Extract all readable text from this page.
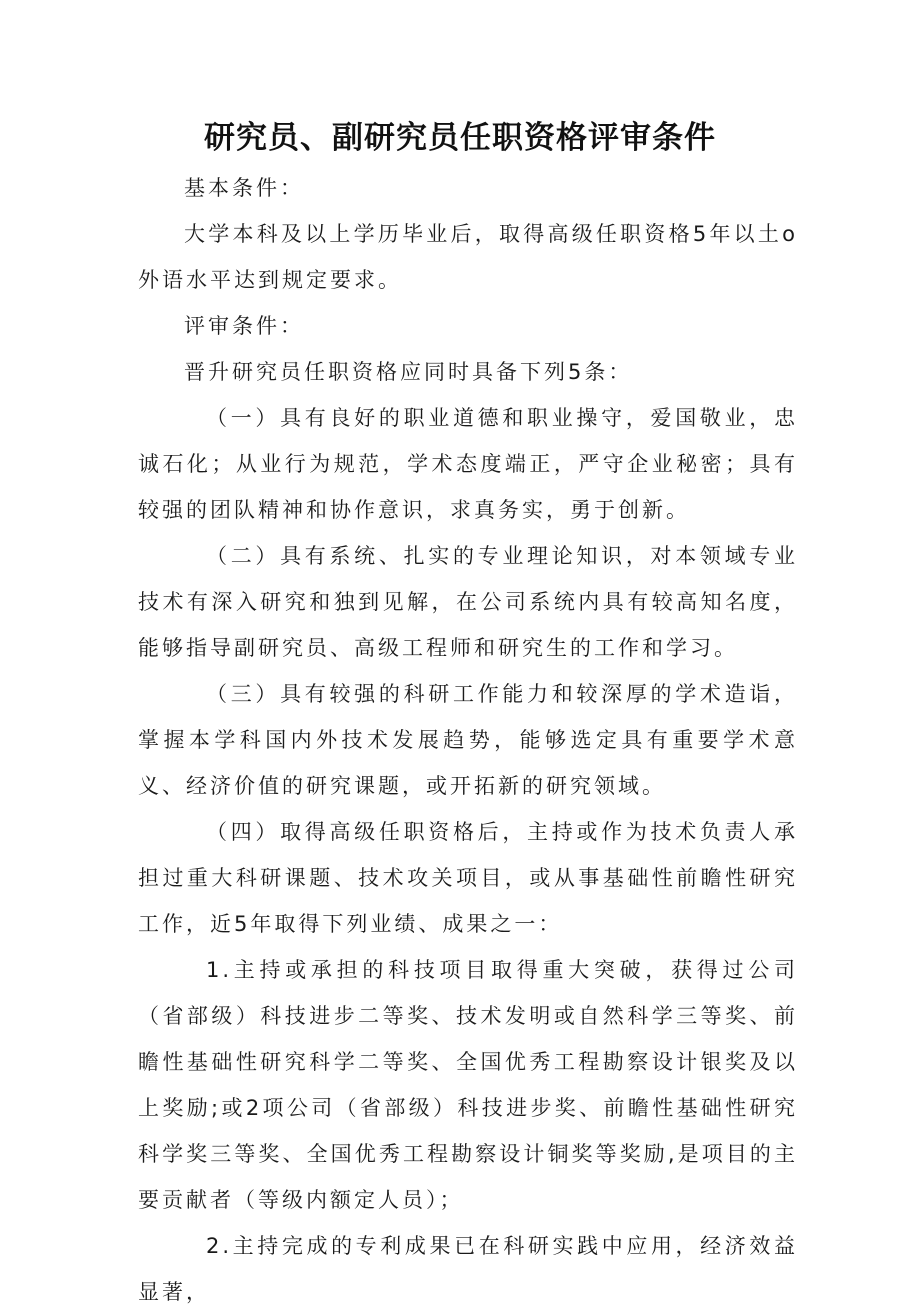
研究员、副研究员任职资格评审条件

基本条件：

大学本科及以上学历毕业后，取得高级任职资格5年以土o外语水平达到规定要求。

评审条件：

晋升研究员任职资格应同时具备下列5条：

（一）具有良好的职业道德和职业操守，爱国敬业，忠诚石化；从业行为规范，学术态度端正，严守企业秘密；具有较强的团队精神和协作意识，求真务实，勇于创新。

（二）具有系统、扎实的专业理论知识，对本领域专业技术有深入研究和独到见解，在公司系统内具有较高知名度，能够指导副研究员、高级工程师和研究生的工作和学习。

（三）具有较强的科研工作能力和较深厚的学术造诣，掌握本学科国内外技术发展趋势，能够选定具有重要学术意义、经济价值的研究课题，或开拓新的研究领域。

（四）取得高级任职资格后，主持或作为技术负责人承担过重大科研课题、技术攻关项目，或从事基础性前瞻性研究工作，近5年取得下列业绩、成果之一：

1.主持或承担的科技项目取得重大突破，获得过公司（省部级）科技进步二等奖、技术发明或自然科学三等奖、前瞻性基础性研究科学二等奖、全国优秀工程勘察设计银奖及以上奖励;或2项公司（省部级）科技进步奖、前瞻性基础性研究科学奖三等奖、全国优秀工程勘察设计铜奖等奖励,是项目的主要贡献者（等级内额定人员）；

2.主持完成的专利成果已在科研实践中应用，经济效益显著，
